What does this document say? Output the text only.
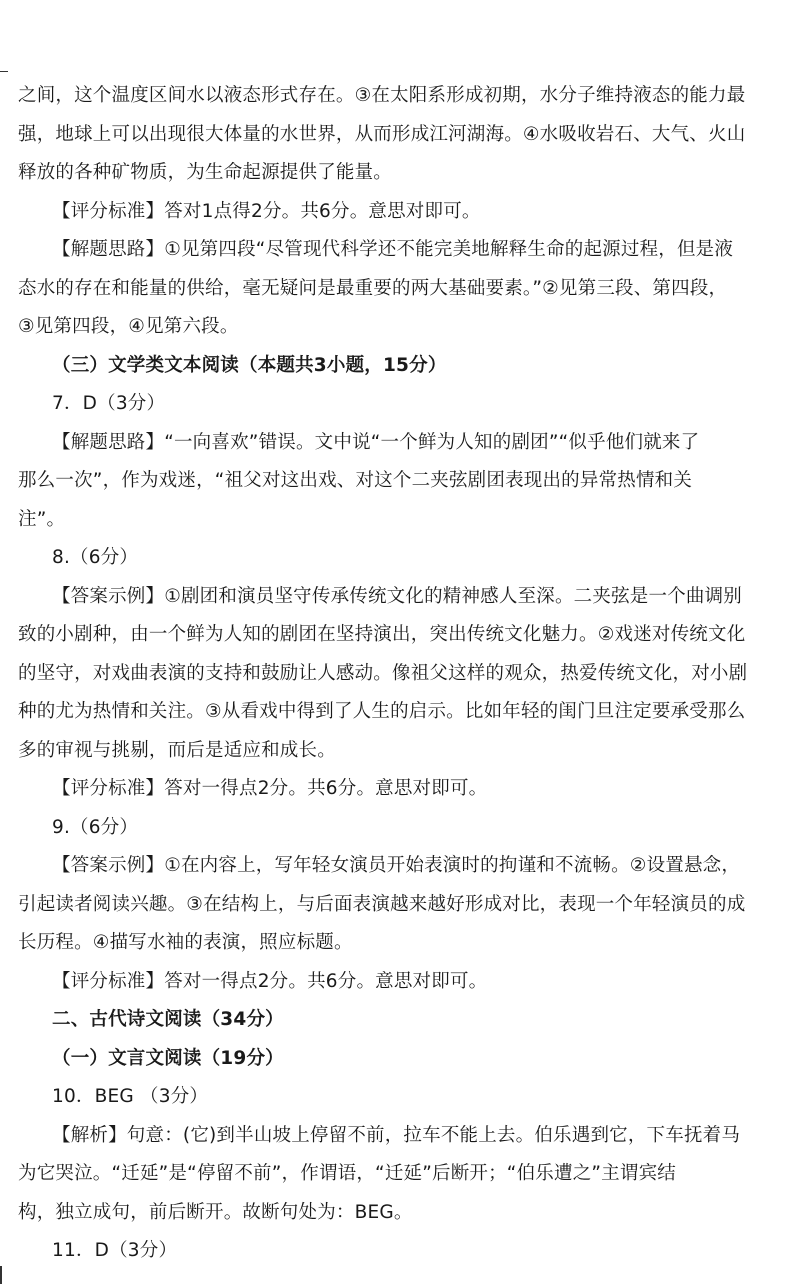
之间，这个温度区间水以液态形式存在。③在太阳系形成初期，水分子维持液态的能力最
强，地球上可以出现很大体量的水世界，从而形成江河湖海。④水吸收岩石、大气、火山
释放的各种矿物质，为生命起源提供了能量。
【评分标准】答对1点得2分。共6分。意思对即可。
【解题思路】①见第四段“尽管现代科学还不能完美地解释生命的起源过程，但是液
态水的存在和能量的供给，毫无疑问是最重要的两大基础要素。”②见第三段、第四段，
③见第四段，④见第六段。
（三）文学类文本阅读（本题共3小题，15分）
7．D（3分）
【解题思路】“一向喜欢”错误。文中说“一个鲜为人知的剧团”“似乎他们就来了
那么一次”，作为戏迷，“祖父对这出戏、对这个二夹弦剧团表现出的异常热情和关
注”。
8.（6分）
【答案示例】①剧团和演员坚守传承传统文化的精神感人至深。二夹弦是一个曲调别
致的小剧种，由一个鲜为人知的剧团在坚持演出，突出传统文化魅力。②戏迷对传统文化
的坚守，对戏曲表演的支持和鼓励让人感动。像祖父这样的观众，热爱传统文化，对小剧
种的尤为热情和关注。③从看戏中得到了人生的启示。比如年轻的闺门旦注定要承受那么
多的审视与挑剔，而后是适应和成长。
【评分标准】答对一得点2分。共6分。意思对即可。
9.（6分）
【答案示例】①在内容上，写年轻女演员开始表演时的拘谨和不流畅。②设置悬念，
引起读者阅读兴趣。③在结构上，与后面表演越来越好形成对比，表现一个年轻演员的成
长历程。④描写水袖的表演，照应标题。
【评分标准】答对一得点2分。共6分。意思对即可。
二、古代诗文阅读（34分）
（一）文言文阅读（19分）
10．BEG （3分）
【解析】句意：(它)到半山坡上停留不前，拉车不能上去。伯乐遇到它，下车抚着马
为它哭泣。“迁延”是“停留不前”，作谓语，“迁延”后断开；“伯乐遭之”主谓宾结
构，独立成句，前后断开。故断句处为：BEG。
11．D（3分）
